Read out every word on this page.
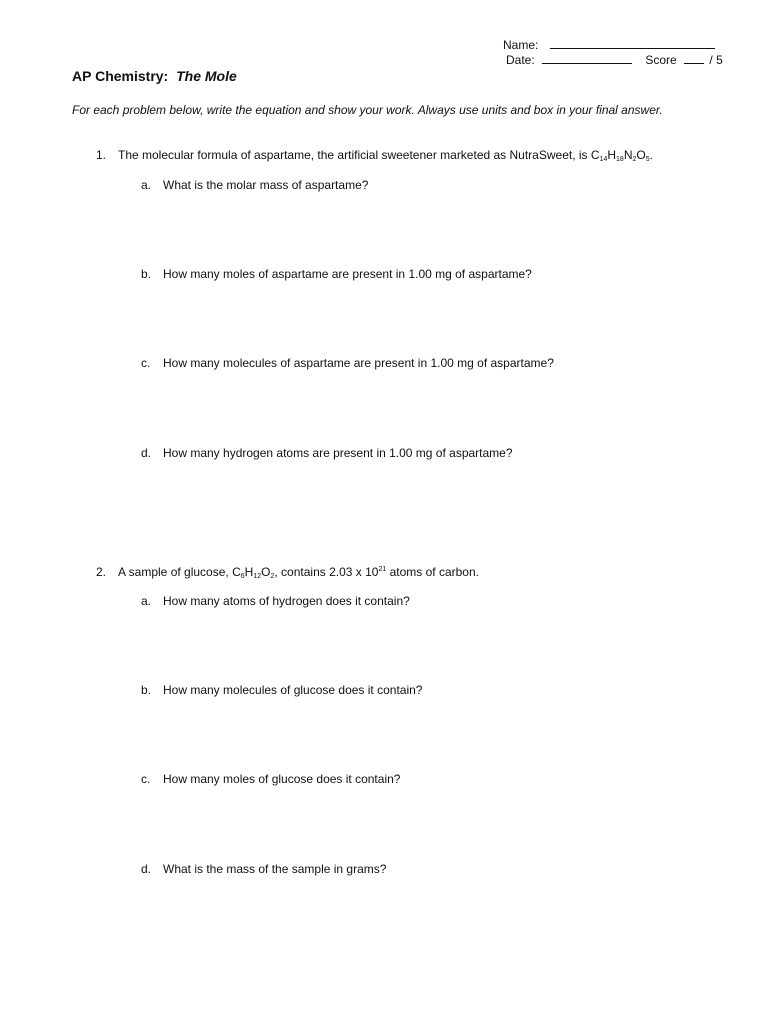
Name:
Date:	Score	/ 5
AP Chemistry: The Mole
For each problem below, write the equation and show your work. Always use units and box in your final answer.
1. The molecular formula of aspartame, the artificial sweetener marketed as NutraSweet, is $C_{14}H_{18}N_2O_5$.
a. What is the molar mass of aspartame?
b. How many moles of aspartame are present in 1.00 mg of aspartame?
c. How many molecules of aspartame are present in 1.00 mg of aspartame?
d. How many hydrogen atoms are present in 1.00 mg of aspartame?
2. A sample of glucose, $C_6H_{12}O_2$, contains 2.03 x $10^{21}$ atoms of carbon.
a. How many atoms of hydrogen does it contain?
b. How many molecules of glucose does it contain?
c. How many moles of glucose does it contain?
d. What is the mass of the sample in grams?
